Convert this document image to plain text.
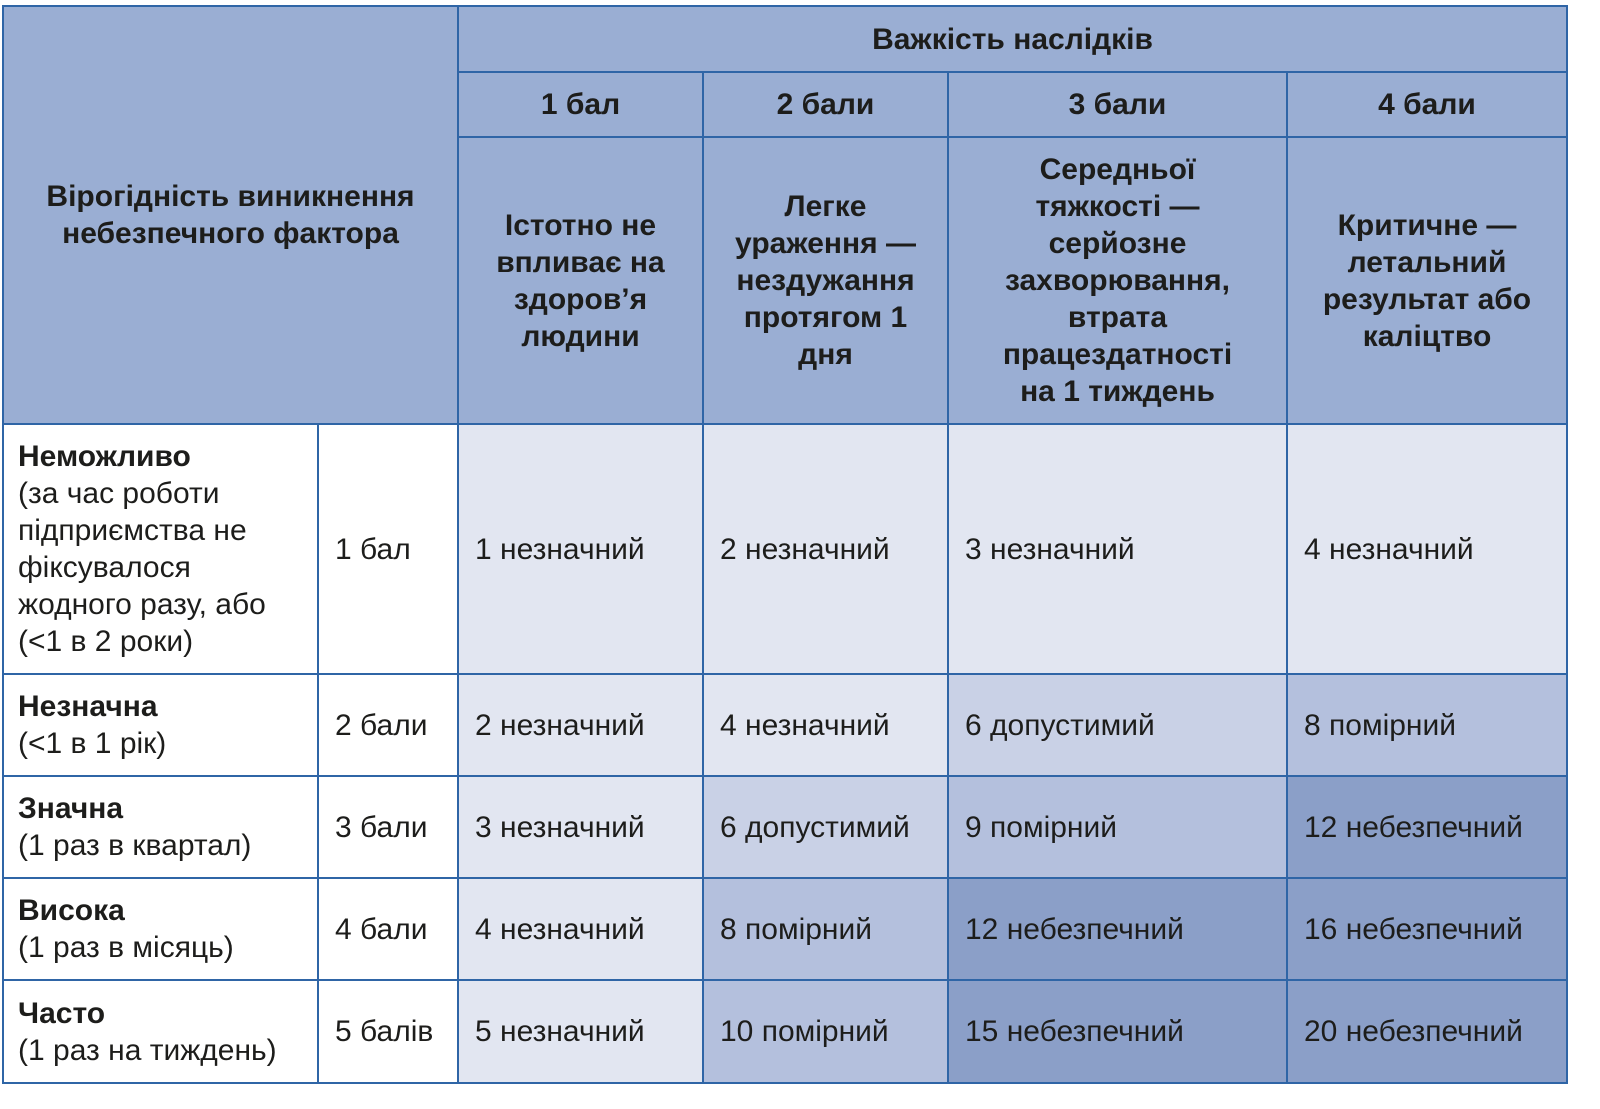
Вірогідність виникнення небезпечного фактора		Важкість наслідків			
		1 бал	2 бали	3 бали	4 бали
		Істотно не впливає на здоров’я людини	Легке ураження — нездужання протягом 1 дня	Середньої тяжкості — серйозне захворювання, втрата працездатності на 1 тиждень	Критичне — летальний результат або каліцтво

Неможливо
(за час роботи підприємства не фіксувалося жодного разу, або (<1 в 2 роки)	1 бал	1 незначний	2 незначний	3 незначний	4 незначний

Незначна
(<1 в 1 рік)	2 бали	2 незначний	4 незначний	6 допустимий	8 помірний

Значна
(1 раз в квартал)	3 бали	3 незначний	6 допустимий	9 помірний	12 небезпечний

Висока
(1 раз в місяць)	4 бали	4 незначний	8 помірний	12 небезпечний	16 небезпечний

Часто
(1 раз на тиждень)	5 балів	5 незначний	10 помірний	15 небезпечний	20 небезпечний
